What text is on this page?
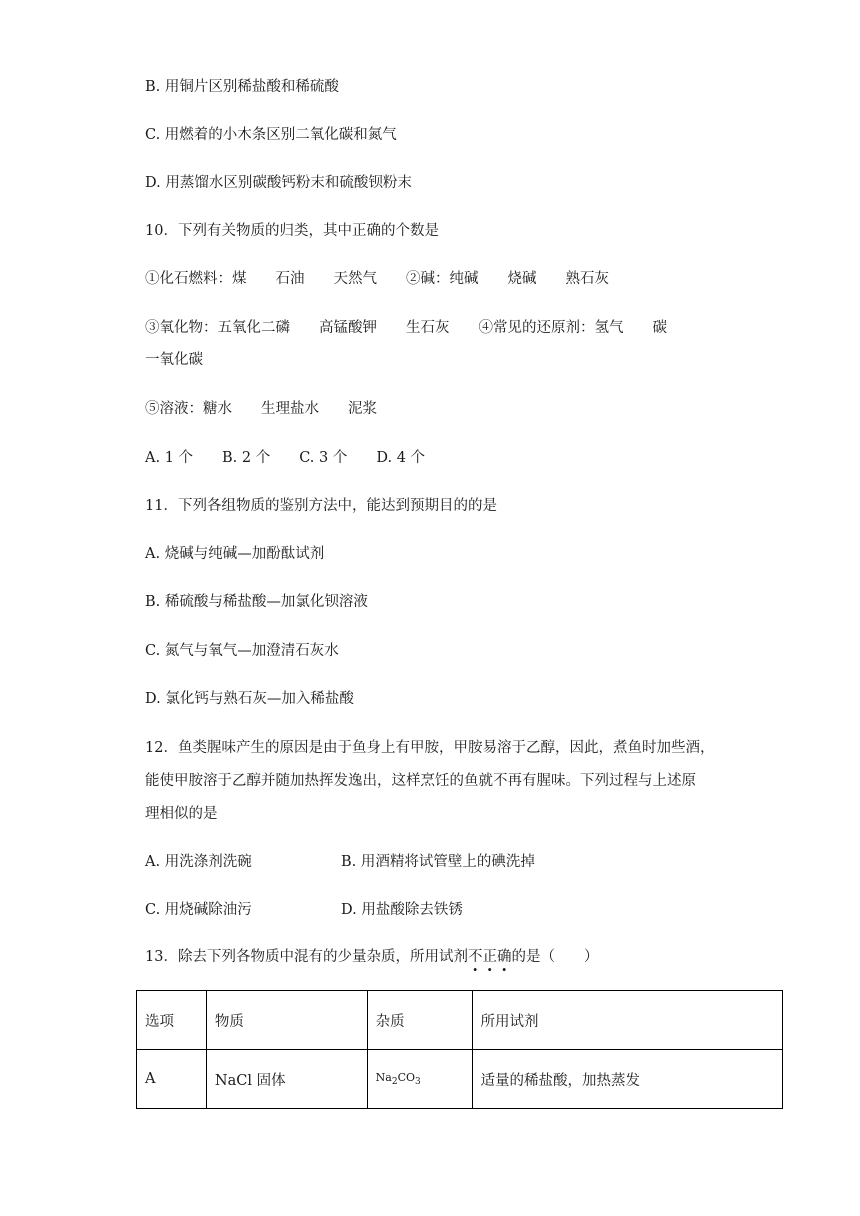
B. 用铜片区别稀盐酸和稀硫酸
C. 用燃着的小木条区别二氧化碳和氮气
D. 用蒸馏水区别碳酸钙粉末和硫酸钡粉末
10．下列有关物质的归类，其中正确的个数是
①化石燃料：煤　　石油　　天然气　　②碱：纯碱　　烧碱　　熟石灰
③氧化物：五氧化二磷　　高锰酸钾　　生石灰　　④常见的还原剂：氢气　　碳
一氧化碳
⑤溶液：糖水　　生理盐水　　泥浆
A. 1 个　　B. 2 个　　C. 3 个　　D. 4 个
11．下列各组物质的鉴别方法中，能达到预期目的的是
A. 烧碱与纯碱—加酚酞试剂
B. 稀硫酸与稀盐酸—加氯化钡溶液
C. 氮气与氧气—加澄清石灰水
D. 氯化钙与熟石灰—加入稀盐酸
12．鱼类腥味产生的原因是由于鱼身上有甲胺，甲胺易溶于乙醇，因此，煮鱼时加些酒，
能使甲胺溶于乙醇并随加热挥发逸出，这样烹饪的鱼就不再有腥味。下列过程与上述原
理相似的是
A. 用洗涤剂洗碗	B. 用酒精将试管壁上的碘洗掉
C. 用烧碱除油污	D. 用盐酸除去铁锈
13．除去下列各物质中混有的少量杂质，所用试剂不正确的是（　　）
选项	物质	杂质	所用试剂
A	NaCl 固体	$Na_2CO_3$	适量的稀盐酸，加热蒸发
